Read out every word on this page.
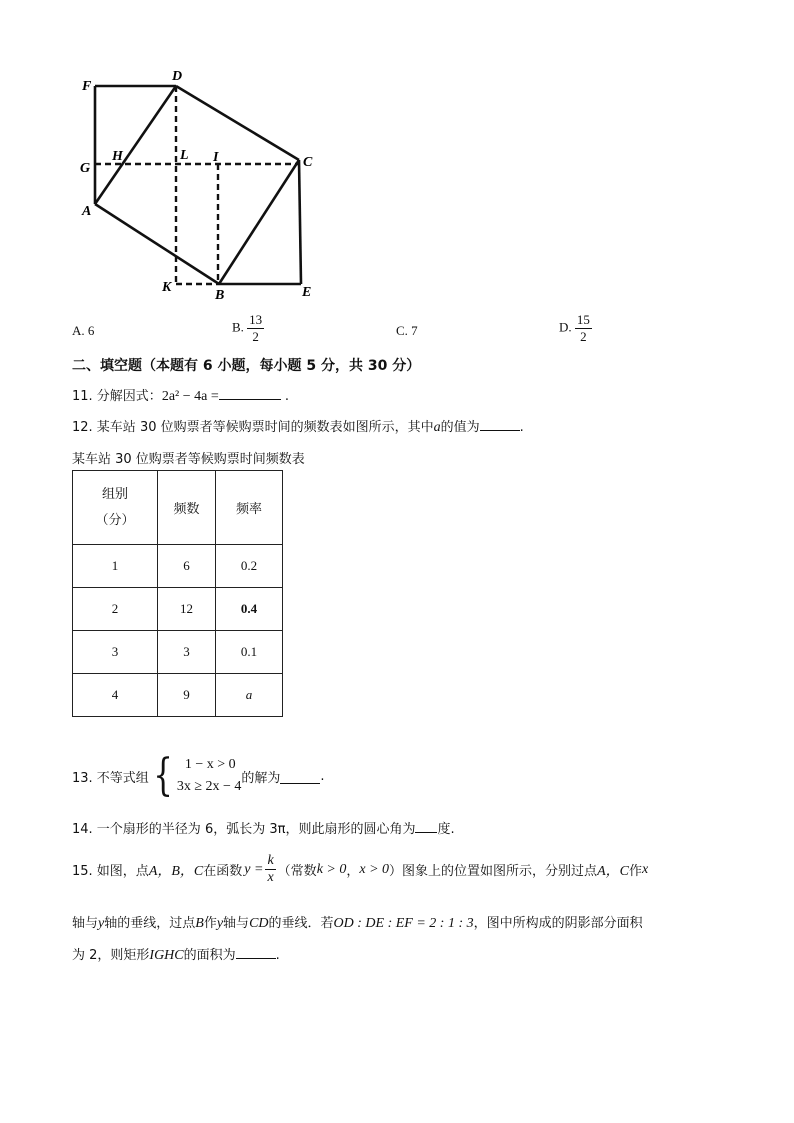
F
D
G
H	L I	C
A
K
B	E
A. 6	B. $\frac{13}{2}$	C. 7	D. $\frac{15}{2}$
二、填空题（本题有 6 小题，每小题 5 分，共 30 分）
11. 分解因式：2a² − 4a =	.
12. 某车站 30 位购票者等候购票时间的频数表如图所示，其中a的值为	.
某车站 30 位购票者等候购票时间频数表
组别
（分）	频数	频率
1	6	0.2
2	12	0.4
3	3	0.1
4	9	a
13. 不等式组 { 1 − x > 0
3x ≥ 2x − 4
的解为	.
14. 一个扇形的半径为 6，弧长为 3π，则此扇形的圆心角为 度.
15. 如图，点 A，B，C 在函数 $y = \frac{k}{x}$ （常数 k > 0 ， x > 0 ）图象上的位置如图所示，分别过点 A，C 作 x
轴与y轴的垂线，过点B作y轴与CD的垂线．若OD : DE : EF = 2 : 1 : 3，图中所构成的阴影部分面积
为 2，则矩形IGHC的面积为	.
